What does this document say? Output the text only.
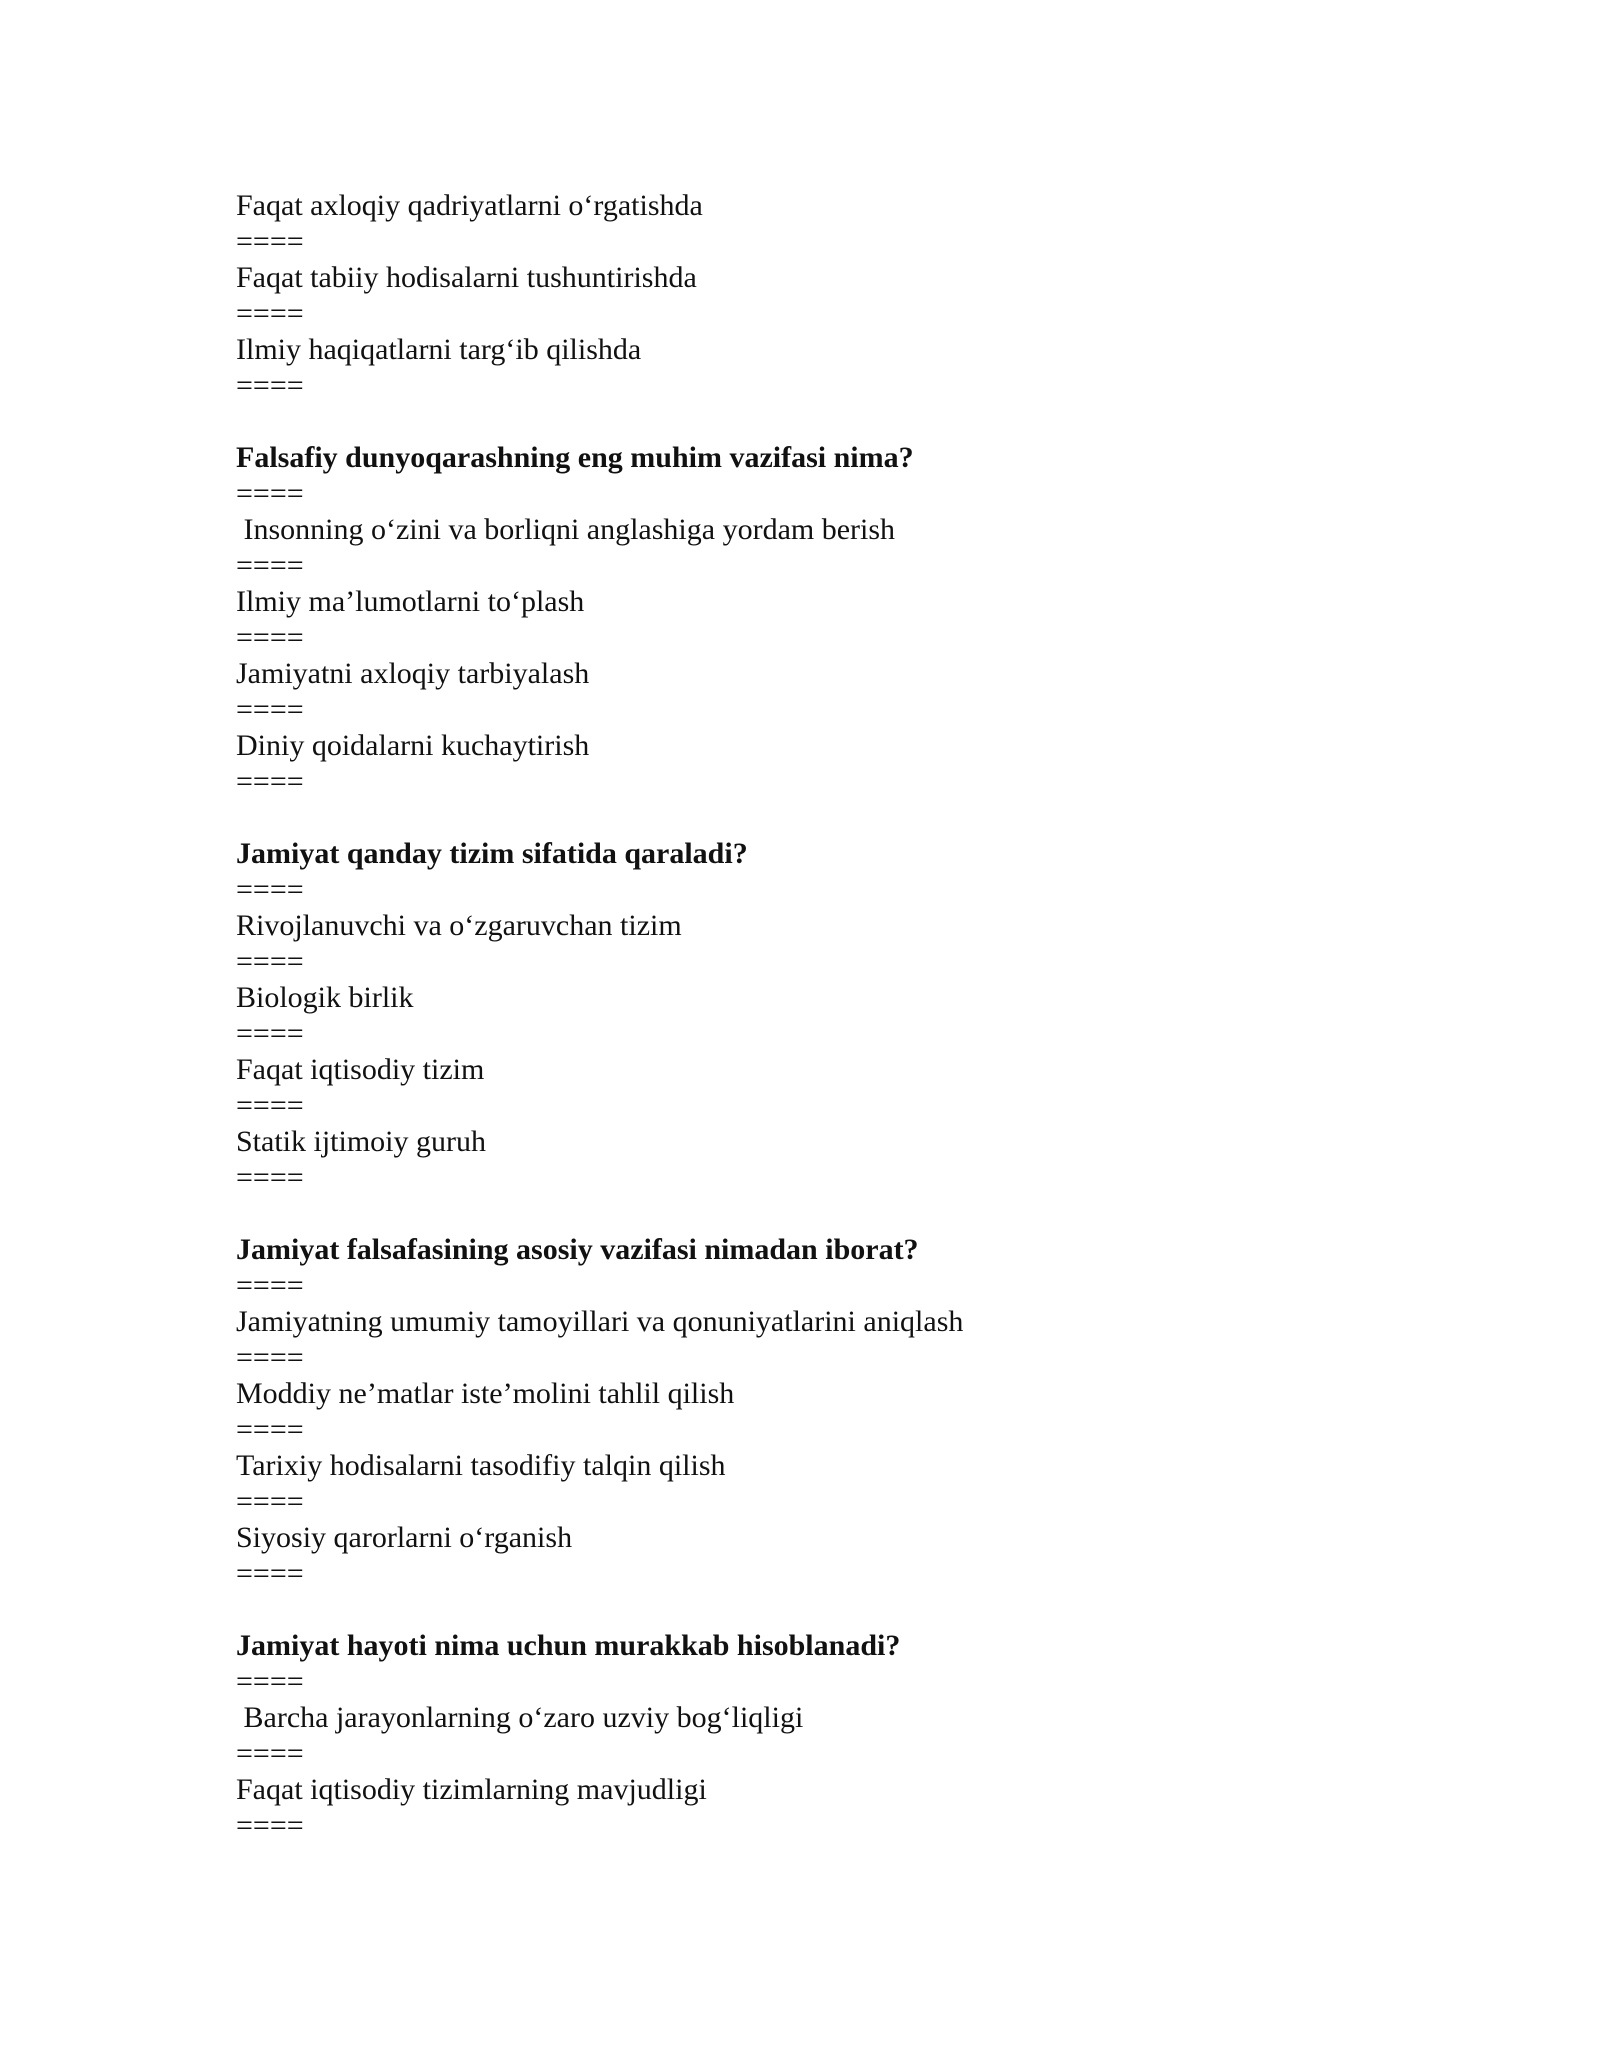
Faqat axloqiy qadriyatlarni o‘rgatishda

====

Faqat tabiiy hodisalarni tushuntirishda

====

Ilmiy haqiqatlarni targ‘ib qilishda

====

Falsafiy dunyoqarashning eng muhim vazifasi nima?

====

Insonning o‘zini va borliqni anglashiga yordam berish

====

Ilmiy ma’lumotlarni to‘plash

====

Jamiyatni axloqiy tarbiyalash

====

Diniy qoidalarni kuchaytirish

====

Jamiyat qanday tizim sifatida qaraladi?

====

Rivojlanuvchi va o‘zgaruvchan tizim

====

Biologik birlik

====

Faqat iqtisodiy tizim

====

Statik ijtimoiy guruh

====

Jamiyat falsafasining asosiy vazifasi nimadan iborat?

====

Jamiyatning umumiy tamoyillari va qonuniyatlarini aniqlash

====

Moddiy ne’matlar iste’molini tahlil qilish

====

Tarixiy hodisalarni tasodifiy talqin qilish

====

Siyosiy qarorlarni o‘rganish

====

Jamiyat hayoti nima uchun murakkab hisoblanadi?

====

Barcha jarayonlarning o‘zaro uzviy bog‘liqligi

====

Faqat iqtisodiy tizimlarning mavjudligi

====
